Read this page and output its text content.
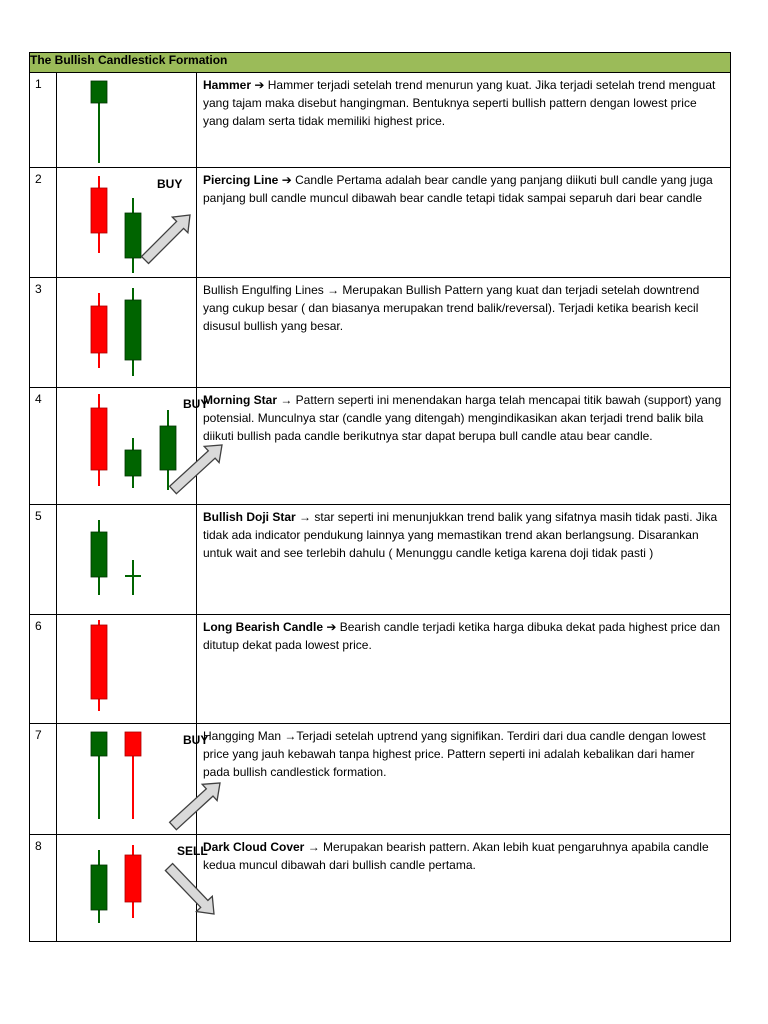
The Bullish Candlestick Formation		
1		Hammer ➔ Hammer terjadi setelah trend menurun yang kuat. Jika terjadi setelah trend menguat yang tajam maka disebut hangingman. Bentuknya seperti bullish pattern dengan lowest price yang dalam serta tidak memiliki highest price.
2	BUY	Piercing Line ➔ Candle Pertama adalah bear candle yang panjang diikuti bull candle yang juga panjang bull candle muncul dibawah bear candle tetapi tidak sampai separuh dari bear candle
3		Bullish Engulfing Lines → Merupakan Bullish Pattern yang kuat dan terjadi setelah downtrend yang cukup besar ( dan biasanya merupakan trend balik/reversal). Terjadi ketika bearish kecil disusul bullish yang besar.
4	BUY	Morning Star → Pattern seperti ini menendakan harga telah mencapai titik bawah (support) yang potensial. Munculnya star (candle yang ditengah) mengindikasikan akan terjadi trend balik bila diikuti bullish pada candle berikutnya star dapat berupa bull candle atau bear candle.
5		Bullish Doji Star → star seperti ini menunjukkan trend balik yang sifatnya masih tidak pasti. Jika tidak ada indicator pendukung lainnya yang memastikan trend akan berlangsung. Disarankan untuk wait and see terlebih dahulu ( Menunggu candle ketiga karena doji tidak pasti )
6		Long Bearish Candle ➔ Bearish candle terjadi ketika harga dibuka dekat pada highest price dan ditutup dekat pada lowest price.
7	BUY	Hangging Man →Terjadi setelah uptrend yang signifikan. Terdiri dari dua candle dengan lowest price yang jauh kebawah tanpa highest price. Pattern seperti ini adalah kebalikan dari hamer pada bullish candlestick formation.
8	SELL	Dark Cloud Cover → Merupakan bearish pattern. Akan lebih kuat pengaruhnya apabila candle kedua muncul dibawah dari bullish candle pertama.
